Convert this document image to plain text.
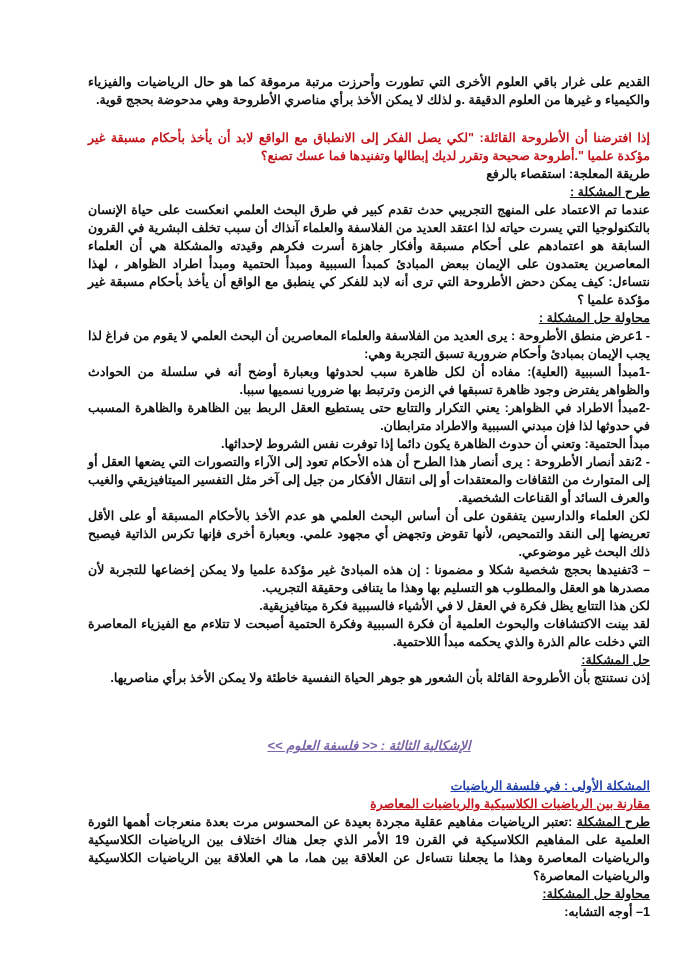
القديم على غرار باقي العلوم الأخرى التي تطورت وأحرزت مرتبة مرموقة كما هو حال الرياضيات والفيزياء والكيمياء و غيرها من العلوم الدقيقة .و لذلك لا يمكن الأخذ برأي مناصري الأطروحة وهي مدحوضة بحجج قوية.

إذا افترضنا أن الأطروحة القائلة: "لكي يصل الفكر إلى الانطباق مع الواقع لابد أن يأخذ بأحكام مسبقة غير مؤكدة علميا ".أطروحة صحيحة وتقرر لديك إبطالها وتفنيدها فما عسك تصنع؟

طريقة المعلجة: استقصاء بالرفع

طرح المشكلة :

عندما تم الاعتماد على المنهج التجريبي حدث تقدم كبير في طرق البحث العلمي انعكست على حياة الإنسان بالتكنولوجيا التي يسرت حياته لذا اعتقد العديد من الفلاسفة والعلماء آنذاك أن سبب تخلف البشرية في القرون السابقة هو اعتمادهم على أحكام مسبقة وأفكار جاهزة أسرت فكرهم وقيدته والمشكلة هي أن العلماء المعاصرين يعتمدون على الإيمان ببعض المبادئ كمبدأ السببية ومبدأ الحتمية ومبدأ اطراد الظواهر ، لهذا نتساءل: كيف يمكن دحض الأطروحة التي ترى أنه لابد للفكر كي ينطبق مع الواقع أن يأخذ بأحكام مسبقة غير مؤكدة علميا ؟

محاولة حل المشكلة :

- 1عرض منطق الأطروحة : يرى العديد من الفلاسفة والعلماء المعاصرين أن البحث العلمي لا يقوم من فراغ لذا يجب الإيمان بمبادئ وأحكام ضرورية تسبق التجربة وهي:

-1مبدأ السببية (العلية): مفاده أن لكل ظاهرة سبب لحدوثها وبعبارة أوضح أنه في سلسلة من الحوادث والظواهر يفترض وجود ظاهرة تسبقها في الزمن وترتبط بها ضروريا نسميها سببا.

-2مبدأ الاطراد في الظواهر: يعني التكرار والتتابع حتى يستطيع العقل الربط بين الظاهرة والظاهرة المسبب في حدوثها لذا فإن مبدني السببية والاطراد مترابطان.

مبدأ الحتمية: وتعني أن حدوث الظاهرة يكون دائما إذا توفرت نفس الشروط لإحداثها.

- 2نقد أنصار الأطروحة : يرى أنصار هذا الطرح أن هذه الأحكام تعود إلى الآراء والتصورات التي يضعها العقل أو إلى المتوارث من الثقافات والمعتقدات أو إلى انتقال الأفكار من جيل إلى آخر مثل التفسير الميتافيزيقي والغيب والعرف السائد أو القناعات الشخصية.

لكن العلماء والدارسين يتفقون على أن أساس البحث العلمي هو عدم الأخذ بالأحكام المسبقة أو على الأقل تعريضها إلى النقد والتمحيص، لأنها تقوض وتجهض أي مجهود علمي. وبعبارة أخرى فإنها تكرس الذاتية فيصبح ذلك البحث غير موضوعي.

– 3تفنيدها بحجج شخصية شكلا و مضمونا : إن هذه المبادئ غير مؤكدة علميا ولا يمكن إخضاعها للتجربة لأن مصدرها هو العقل والمطلوب هو التسليم بها وهذا ما يتنافى وحقيقة التجريب.

لكن هذا التتابع يظل فكرة في العقل لا في الأشياء فالسببية فكرة ميتافيزيقية.

لقد بينت الاكتشافات والبحوث العلمية أن فكرة السببية وفكرة الحتمية أصبحت لا تتلاءم مع الفيزياء المعاصرة التي دخلت عالم الذرة والذي يحكمه مبدأ اللاحتمية.

حل المشكلة:

إذن نستنتج بأن الأطروحة القائلة بأن الشعور هو جوهر الحياة النفسية خاطئة ولا يمكن الأخذ برأي مناصريها.

الإشكالية الثالثة : << فلسفة العلوم >>

المشكلة الأولى : في فلسفة الرياضيات

مقارنة بين الرياضيات الكلاسيكية والرياضيات المعاصرة

طرح المشكلة :تعتبر الرياضيات مفاهيم عقلية مجردة بعيدة عن المحسوس مرت بعدة منعرجات أهمها الثورة العلمية على المفاهيم الكلاسيكية في القرن 19 الأمر الذي جعل هناك اختلاف بين الرياضيات الكلاسيكية والرياضيات المعاصرة وهذا ما يجعلنا نتساءل عن العلاقة بين هما، ما هي العلاقة بين الرياضيات الكلاسيكية والرياضيات المعاصرة؟

محاولة حل المشكلة:

1– أوجه التشابه:
